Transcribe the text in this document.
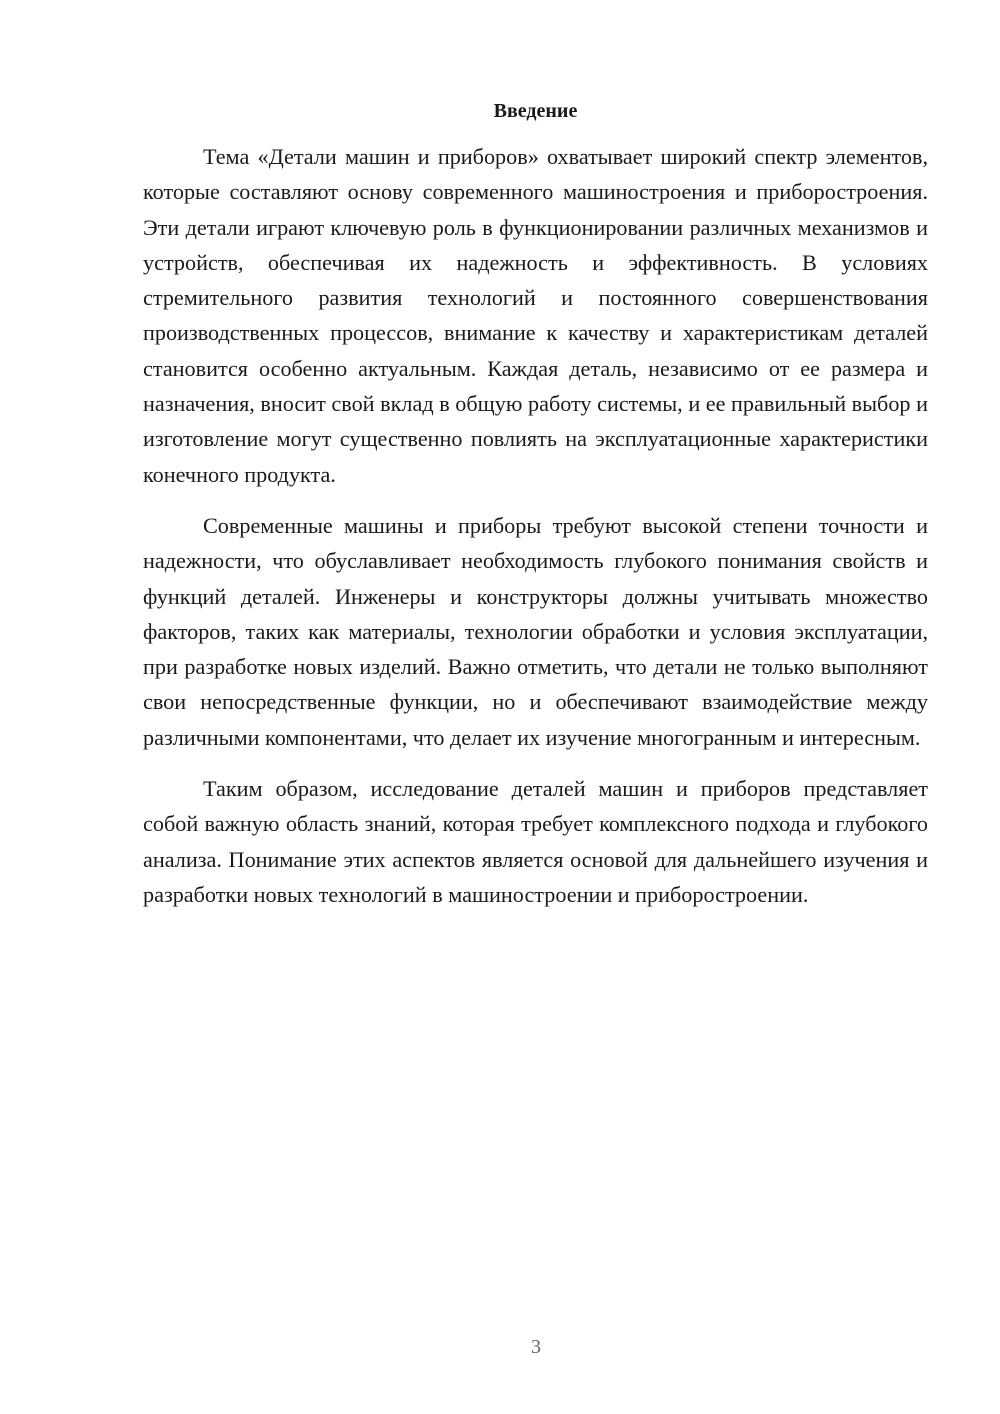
Введение

Тема «Детали машин и приборов» охватывает широкий спектр элементов, которые составляют основу современного машиностроения и приборостроения. Эти детали играют ключевую роль в функционировании различных механизмов и устройств, обеспечивая их надежность и эффективность. В условиях стремительного развития технологий и постоянного совершенствования производственных процессов, внимание к качеству и характеристикам деталей становится особенно актуальным. Каждая деталь, независимо от ее размера и назначения, вносит свой вклад в общую работу системы, и ее правильный выбор и изготовление могут существенно повлиять на эксплуатационные характеристики конечного продукта.

Современные машины и приборы требуют высокой степени точности и надежности, что обуславливает необходимость глубокого понимания свойств и функций деталей. Инженеры и конструкторы должны учитывать множество факторов, таких как материалы, технологии обработки и условия эксплуатации, при разработке новых изделий. Важно отметить, что детали не только выполняют свои непосредственные функции, но и обеспечивают взаимодействие между различными компонентами, что делает их изучение многогранным и интересным.

Таким образом, исследование деталей машин и приборов представляет собой важную область знаний, которая требует комплексного подхода и глубокого анализа. Понимание этих аспектов является основой для дальнейшего изучения и разработки новых технологий в машиностроении и приборостроении.

3
